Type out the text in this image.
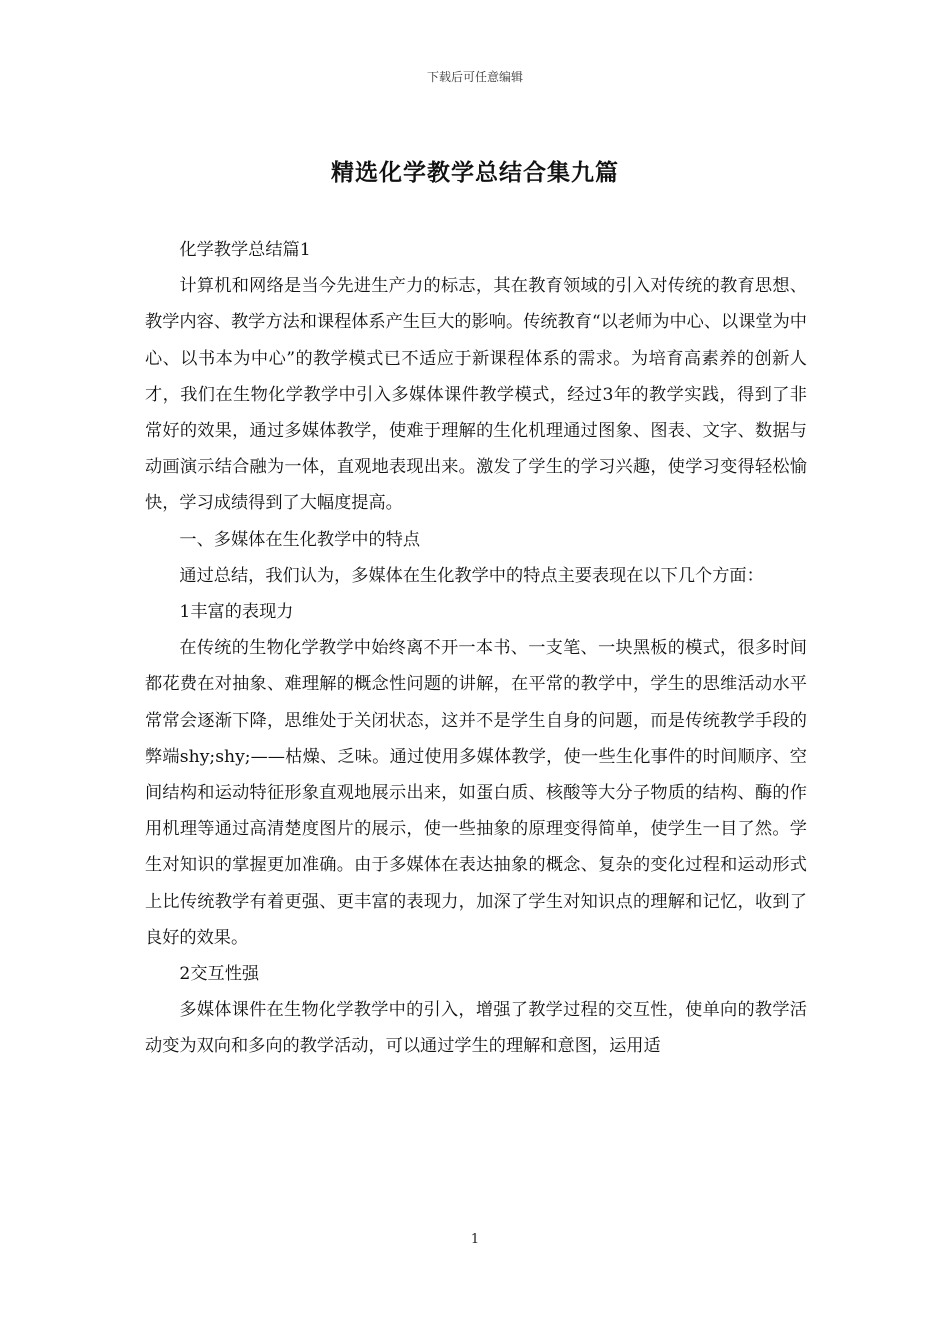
下载后可任意编辑
精选化学教学总结合集九篇

化学教学总结篇1

计算机和网络是当今先进生产力的标志，其在教育领域的引入对传统的教育思想、教学内容、教学方法和课程体系产生巨大的影响。传统教育“以老师为中心、以课堂为中心、以书本为中心”的教学模式已不适应于新课程体系的需求。为培育高素养的创新人才，我们在生物化学教学中引入多媒体课件教学模式，经过3年的教学实践，得到了非常好的效果，通过多媒体教学，使难于理解的生化机理通过图象、图表、文字、数据与动画演示结合融为一体，直观地表现出来。激发了学生的学习兴趣，使学习变得轻松愉快，学习成绩得到了大幅度提高。

一、多媒体在生化教学中的特点

通过总结，我们认为，多媒体在生化教学中的特点主要表现在以下几个方面：

1丰富的表现力

在传统的生物化学教学中始终离不开一本书、一支笔、一块黑板的模式，很多时间都花费在对抽象、难理解的概念性问题的讲解，在平常的教学中，学生的思维活动水平常常会逐渐下降，思维处于关闭状态，这并不是学生自身的问题，而是传统教学手段的弊端shy;shy;——枯燥、乏味。通过使用多媒体教学，使一些生化事件的时间顺序、空间结构和运动特征形象直观地展示出来，如蛋白质、核酸等大分子物质的结构、酶的作用机理等通过高清楚度图片的展示，使一些抽象的原理变得简单，使学生一目了然。学生对知识的掌握更加准确。由于多媒体在表达抽象的概念、复杂的变化过程和运动形式上比传统教学有着更强、更丰富的表现力，加深了学生对知识点的理解和记忆，收到了良好的效果。

2交互性强

多媒体课件在生物化学教学中的引入，增强了教学过程的交互性，使单向的教学活动变为双向和多向的教学活动，可以通过学生的理解和意图，运用适

1
